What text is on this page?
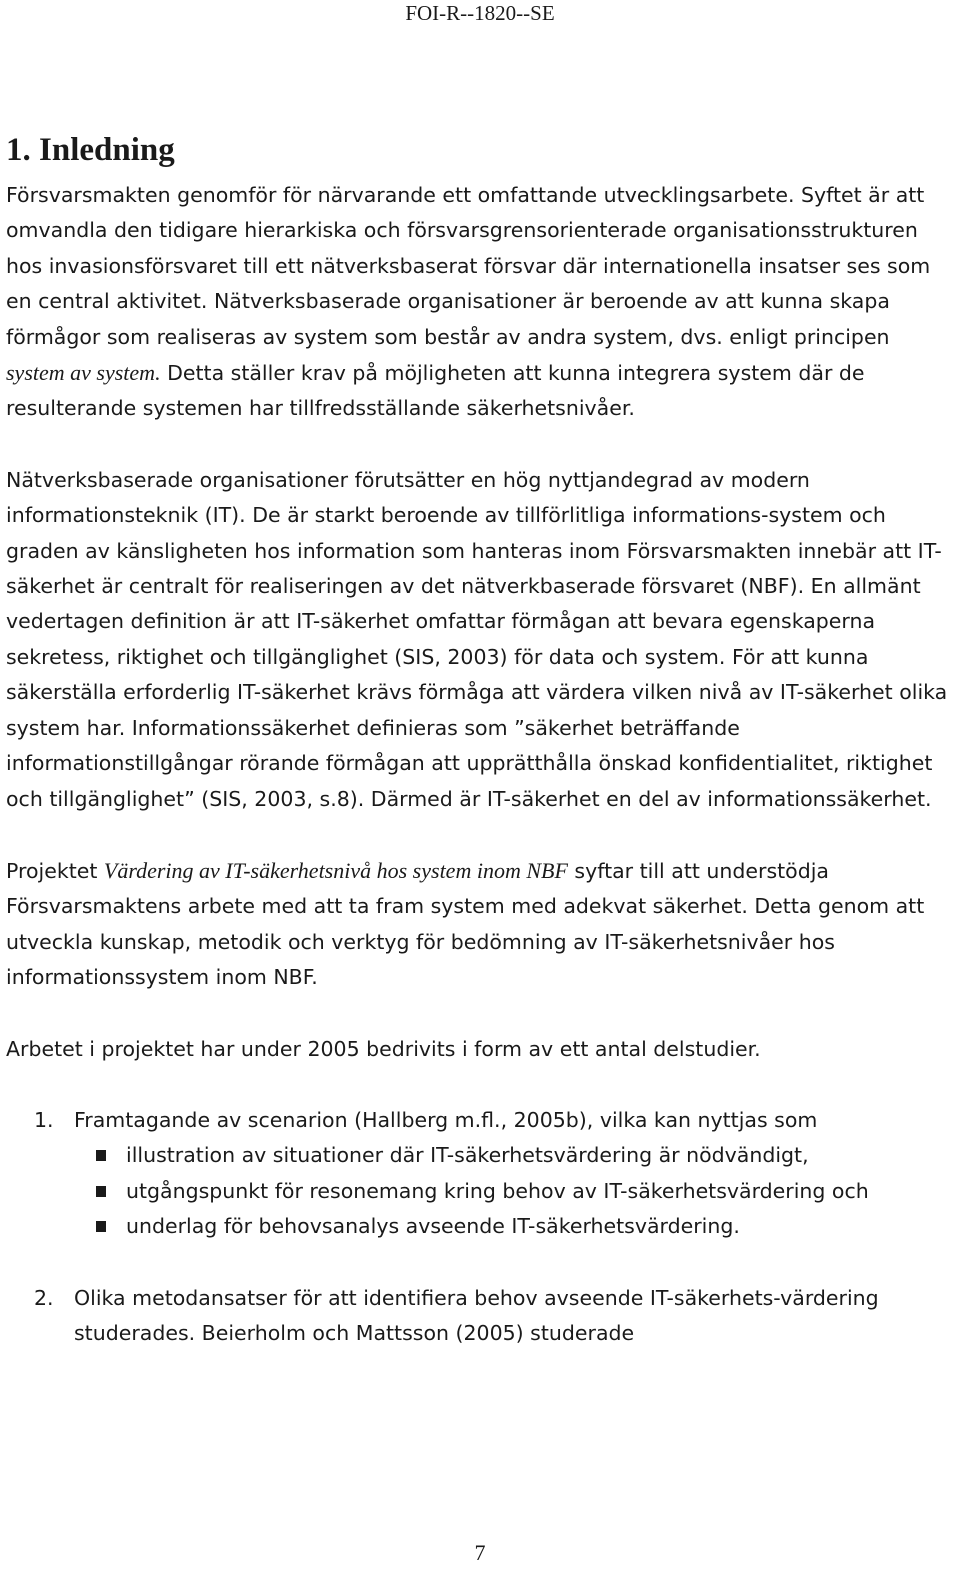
FOI-R--1820--SE
1. Inledning

Försvarsmakten genomför för närvarande ett omfattande utvecklingsarbete. Syftet är att omvandla den tidigare hierarkiska och försvarsgrensorienterade organisationsstrukturen hos invasionsförsvaret till ett nätverksbaserat försvar där internationella insatser ses som en central aktivitet. Nätverksbaserade organisationer är beroende av att kunna skapa förmågor som realiseras av system som består av andra system, dvs. enligt principen system av system. Detta ställer krav på möjligheten att kunna integrera system där de resulterande systemen har tillfredsställande säkerhetsnivåer.

Nätverksbaserade organisationer förutsätter en hög nyttjandegrad av modern informationsteknik (IT). De är starkt beroende av tillförlitliga informations-system och graden av känsligheten hos information som hanteras inom Försvarsmakten innebär att IT-säkerhet är centralt för realiseringen av det nätverkbaserade försvaret (NBF). En allmänt vedertagen definition är att IT-säkerhet omfattar förmågan att bevara egenskaperna sekretess, riktighet och tillgänglighet (SIS, 2003) för data och system. För att kunna säkerställa erforderlig IT-säkerhet krävs förmåga att värdera vilken nivå av IT-säkerhet olika system har. Informationssäkerhet definieras som ”säkerhet beträffande informationstillgångar rörande förmågan att upprätthålla önskad konfidentialitet, riktighet och tillgänglighet” (SIS, 2003, s.8). Därmed är IT-säkerhet en del av informationssäkerhet.

Projektet Värdering av IT-säkerhetsnivå hos system inom NBF syftar till att understödja Försvarsmaktens arbete med att ta fram system med adekvat säkerhet. Detta genom att utveckla kunskap, metodik och verktyg för bedömning av IT-säkerhetsnivåer hos informationssystem inom NBF.

Arbetet i projektet har under 2005 bedrivits i form av ett antal delstudier.

1. Framtagande av scenarion (Hallberg m.fl., 2005b), vilka kan nyttjas som
illustration av situationer där IT-säkerhetsvärdering är nödvändigt,
utgångspunkt för resonemang kring behov av IT-säkerhetsvärdering och
underlag för behovsanalys avseende IT-säkerhetsvärdering.
2. Olika metodansatser för att identifiera behov avseende IT-säkerhets-värdering studerades. Beierholm och Mattsson (2005) studerade
7
